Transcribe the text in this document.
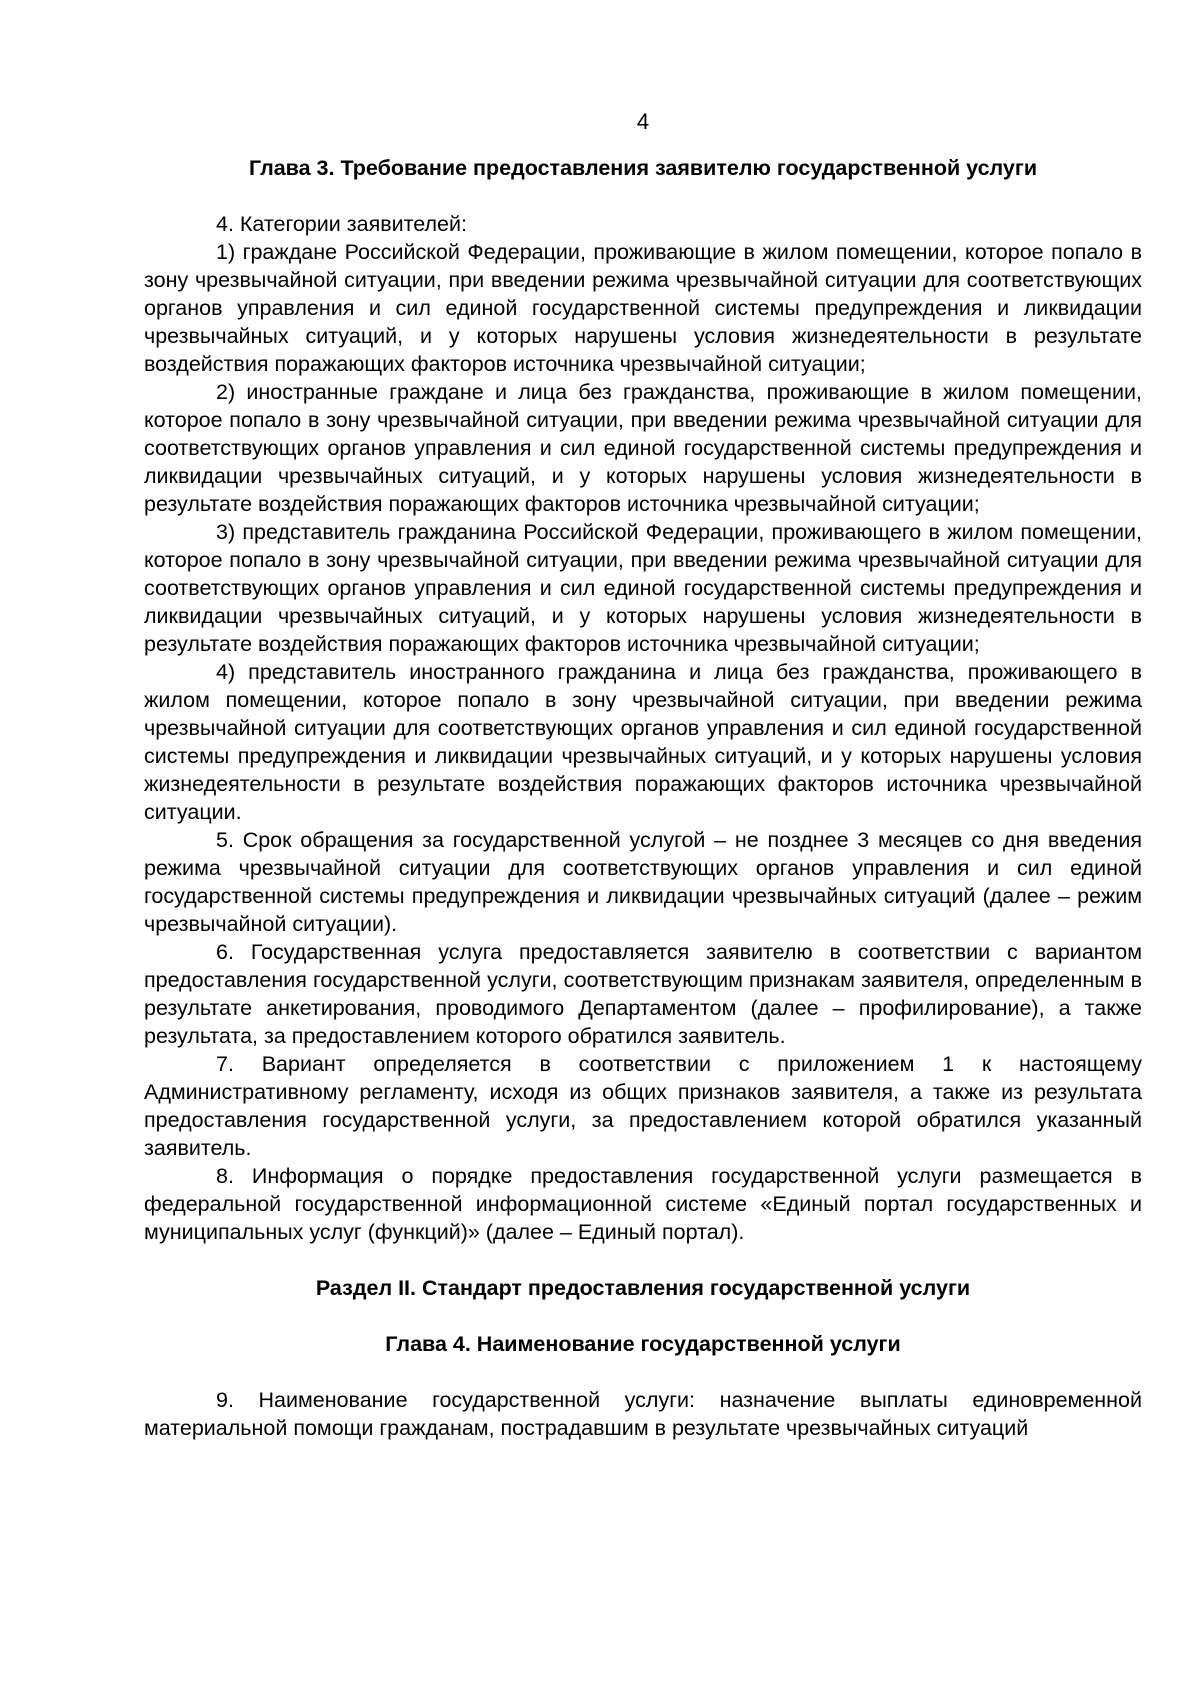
4
Глава 3. Требование предоставления заявителю государственной услуги

4. Категории заявителей:

1) граждане Российской Федерации, проживающие в жилом помещении, которое попало в зону чрезвычайной ситуации, при введении режима чрезвычайной ситуации для соответствующих органов управления и сил единой государственной системы предупреждения и ликвидации чрезвычайных ситуаций, и у которых нарушены условия жизнедеятельности в результате воздействия поражающих факторов источника чрезвычайной ситуации;

2) иностранные граждане и лица без гражданства, проживающие в жилом помещении, которое попало в зону чрезвычайной ситуации, при введении режима чрезвычайной ситуации для соответствующих органов управления и сил единой государственной системы предупреждения и ликвидации чрезвычайных ситуаций, и у которых нарушены условия жизнедеятельности в результате воздействия поражающих факторов источника чрезвычайной ситуации;

3) представитель гражданина Российской Федерации, проживающего в жилом помещении, которое попало в зону чрезвычайной ситуации, при введении режима чрезвычайной ситуации для соответствующих органов управления и сил единой государственной системы предупреждения и ликвидации чрезвычайных ситуаций, и у которых нарушены условия жизнедеятельности в результате воздействия поражающих факторов источника чрезвычайной ситуации;

4) представитель иностранного гражданина и лица без гражданства, проживающего в жилом помещении, которое попало в зону чрезвычайной ситуации, при введении режима чрезвычайной ситуации для соответствующих органов управления и сил единой государственной системы предупреждения и ликвидации чрезвычайных ситуаций, и у которых нарушены условия жизнедеятельности в результате воздействия поражающих факторов источника чрезвычайной ситуации.

5. Срок обращения за государственной услугой – не позднее 3 месяцев со дня введения режима чрезвычайной ситуации для соответствующих органов управления и сил единой государственной системы предупреждения и ликвидации чрезвычайных ситуаций (далее – режим чрезвычайной ситуации).

6. Государственная услуга предоставляется заявителю в соответствии с вариантом предоставления государственной услуги, соответствующим признакам заявителя, определенным в результате анкетирования, проводимого Департаментом (далее – профилирование), а также результата, за предоставлением которого обратился заявитель.

7. Вариант определяется в соответствии с приложением 1 к настоящему Административному регламенту, исходя из общих признаков заявителя, а также из результата предоставления государственной услуги, за предоставлением которой обратился указанный заявитель.

8. Информация о порядке предоставления государственной услуги размещается в федеральной государственной информационной системе «Единый портал государственных и муниципальных услуг (функций)» (далее – Единый портал).

Раздел II. Стандарт предоставления государственной услуги
Глава 4. Наименование государственной услуги

9. Наименование государственной услуги: назначение выплаты единовременной материальной помощи гражданам, пострадавшим в результате чрезвычайных ситуаций
